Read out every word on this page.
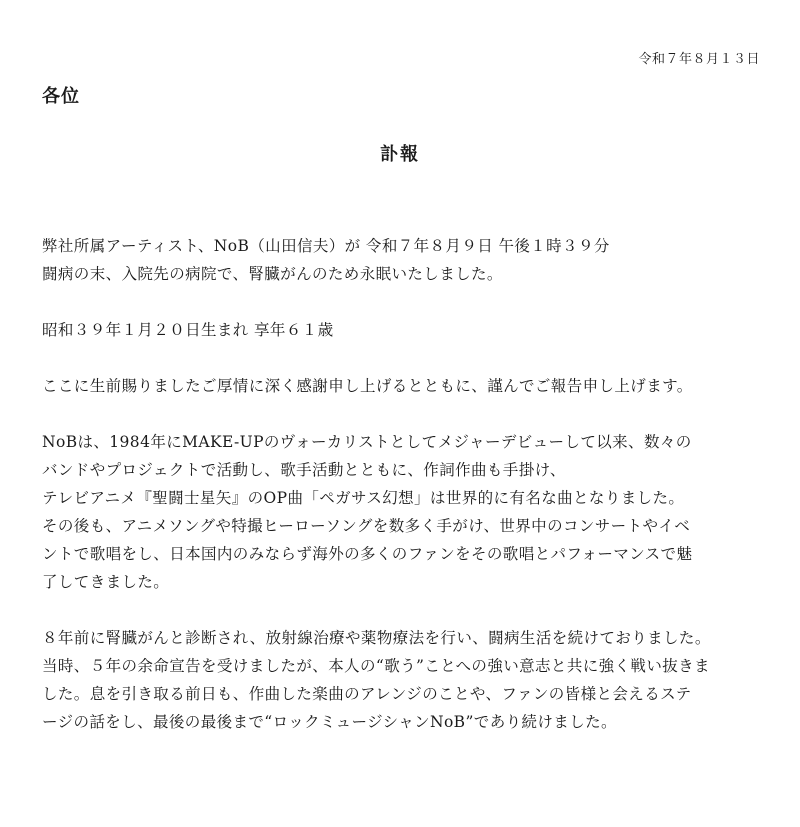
令和７年８月１３日
各位
訃報

弊社所属アーティスト、NoB（山田信夫）が 令和７年８月９日 午後１時３９分
闘病の末、入院先の病院で、腎臓がんのため永眠いたしました。

昭和３９年１月２０日生まれ 享年６１歳

ここに生前賜りましたご厚情に深く感謝申し上げるとともに、謹んでご報告申し上げます。

NoBは、1984年にMAKE-UPのヴォーカリストとしてメジャーデビューして以来、数々の
バンドやプロジェクトで活動し、歌手活動とともに、作詞作曲も手掛け、
テレビアニメ『聖闘士星矢』のOP曲「ペガサス幻想」は世界的に有名な曲となりました。
その後も、アニメソングや特撮ヒーローソングを数多く手がけ、世界中のコンサートやイベ
ントで歌唱をし、日本国内のみならず海外の多くのファンをその歌唱とパフォーマンスで魅
了してきました。

８年前に腎臓がんと診断され、放射線治療や薬物療法を行い、闘病生活を続けておりました。
当時、５年の余命宣告を受けましたが、本人の“歌う”ことへの強い意志と共に強く戦い抜きま
した。息を引き取る前日も、作曲した楽曲のアレンジのことや、ファンの皆様と会えるステ
ージの話をし、最後の最後まで“ロックミュージシャンNoB”であり続けました。
